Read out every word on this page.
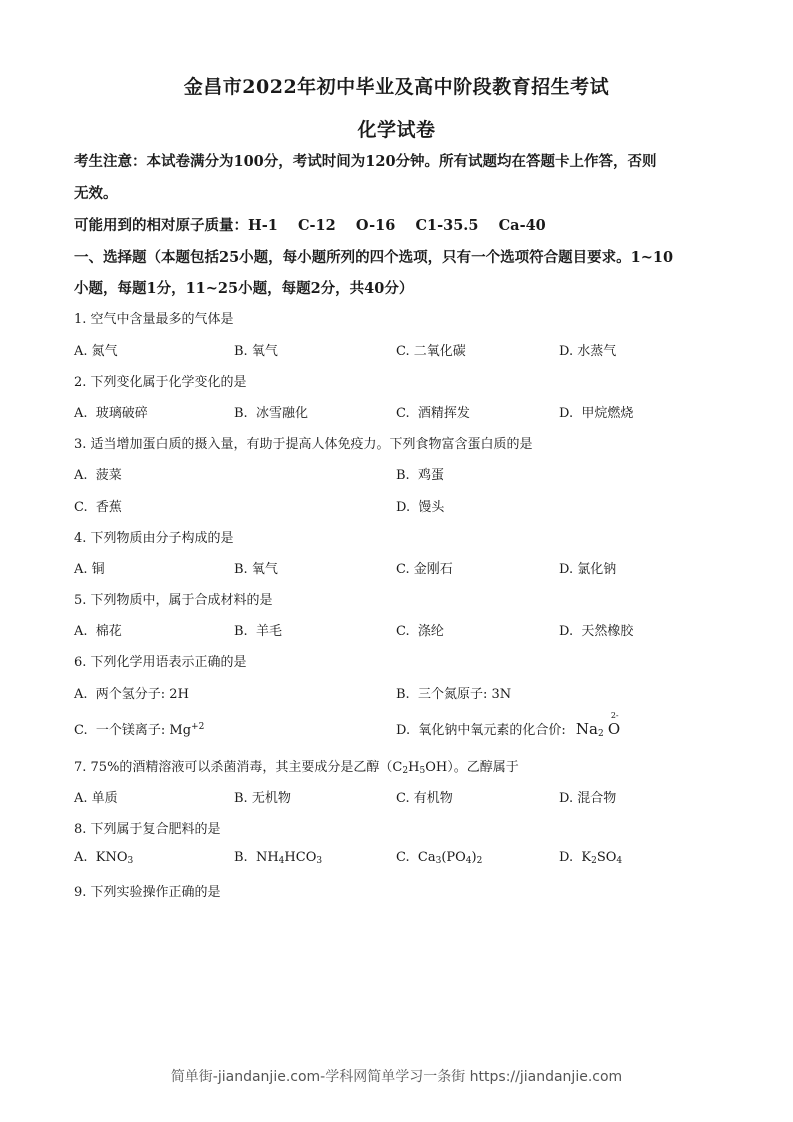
金昌市2022年初中毕业及高中阶段教育招生考试
化学试卷
考生注意：本试卷满分为100分，考试时间为120分钟。所有试题均在答题卡上作答，否则
无效。
可能用到的相对原子质量：H-1    C-12    O-16    C1-35.5    Ca-40
一、选择题（本题包括25小题，每小题所列的四个选项，只有一个选项符合题目要求。1~10
小题，每题1分，11~25小题，每题2分，共40分）
1. 空气中含量最多的气体是
A. 氮气	B. 氧气	C. 二氧化碳	D. 水蒸气
2. 下列变化属于化学变化的是
A.  玻璃破碎	B.  冰雪融化	C.  酒精挥发	D.  甲烷燃烧
3. 适当增加蛋白质的摄入量，有助于提高人体免疫力。下列食物富含蛋白质的是
A.  菠菜	B.  鸡蛋
C.  香蕉	D.  馒头
4. 下列物质由分子构成的是
A. 铜	B. 氧气	C. 金刚石	D. 氯化钠
5. 下列物质中，属于合成材料的是
A.  棉花	B.  羊毛	C.  涤纶	D.  天然橡胶
6. 下列化学用语表示正确的是
A.  两个氢分子: 2H	B.  三个氮原子: 3N
C.  一个镁离子: $Mg^{+2}$	D.  氧化钠中氧元素的化合价: $Na_2$
2-
O
7. 75%的酒精溶液可以杀菌消毒，其主要成分是乙醇$(C_2H_5OH)$。乙醇属于
A. 单质	B. 无机物	C. 有机物	D. 混合物
8. 下列属于复合肥料的是
A.  $KNO_3$	B.  $NH_4HCO_3$	C.  $Ca_3(PO_4)_2$	D.  $K_2SO_4$
9. 下列实验操作正确的是
简单街-jiandanjie.com-学科网简单学习一条街 https://jiandanjie.com
